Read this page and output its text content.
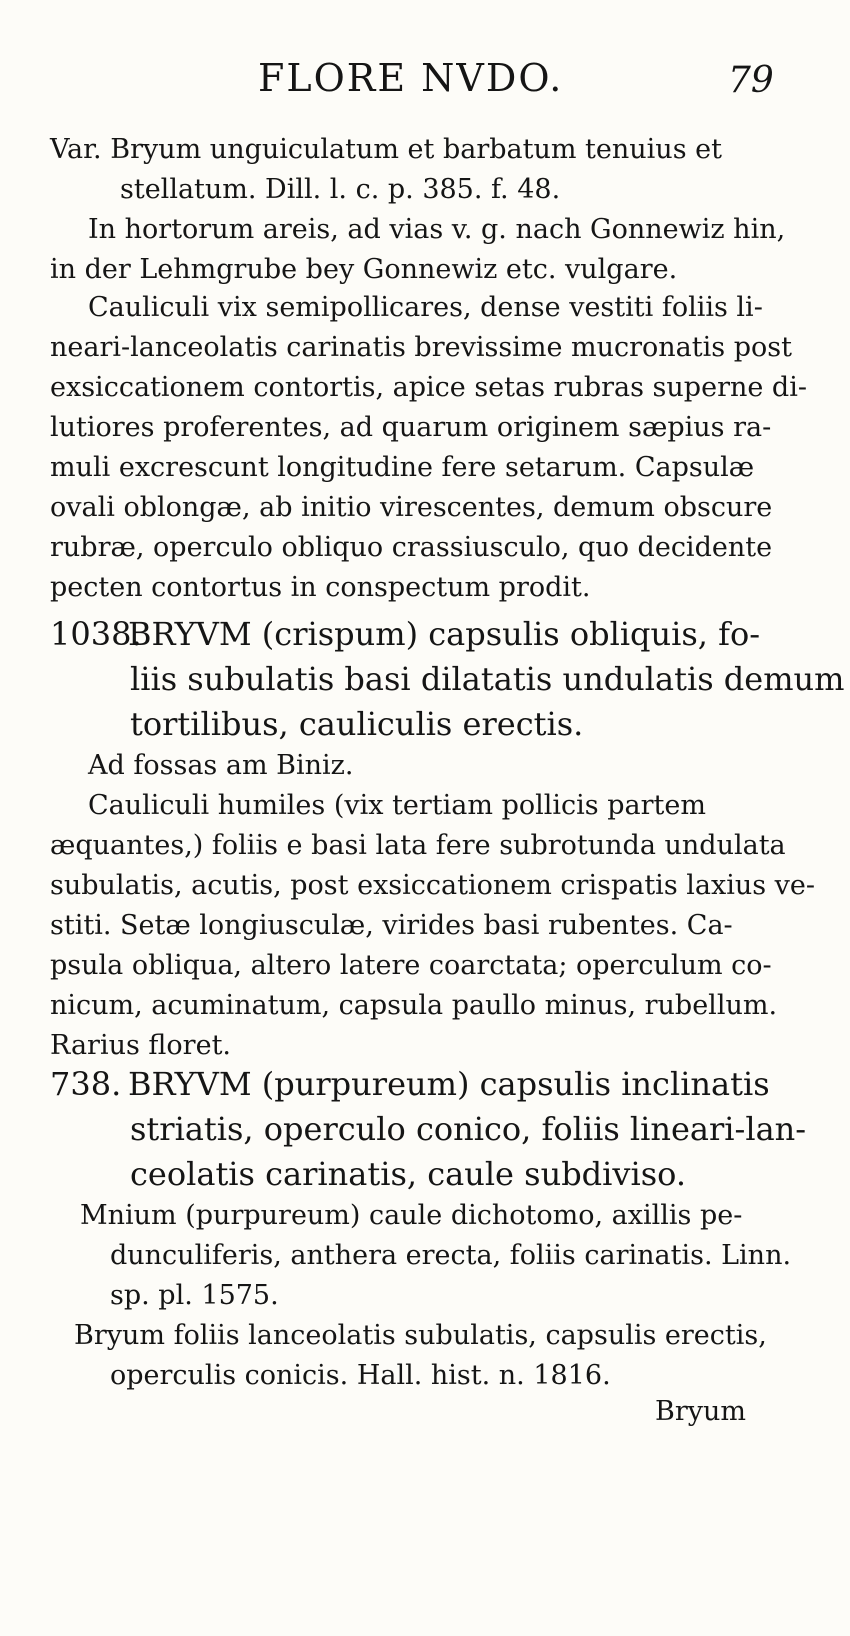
FLORE NVDO.	79
Var. Bryum unguiculatum et barbatum tenuius et
stellatum. Dill. l. c. p. 385. f. 48.
In hortorum areis, ad vias v. g. nach Gonnewiz hin,
in der Lehmgrube bey Gonnewiz etc. vulgare.
Cauliculi vix semipollicares, dense vestiti foliis li-
neari-lanceolatis carinatis brevissime mucronatis post
exsiccationem contortis, apice setas rubras superne di-
lutiores proferentes, ad quarum originem sæpius ra-
muli excrescunt longitudine fere setarum. Capsulæ
ovali oblongæ, ab initio virescentes, demum obscure
rubræ, operculo obliquo crassiusculo, quo decidente
pecten contortus in conspectum prodit.
1038.BRYVM (crispum) capsulis obliquis, fo-
liis subulatis basi dilatatis undulatis demum
tortilibus, cauliculis erectis.
Ad fossas am Biniz.
Cauliculi humiles (vix tertiam pollicis partem
æquantes,) foliis e basi lata fere subrotunda undulata
subulatis, acutis, post exsiccationem crispatis laxius ve-
stiti. Setæ longiusculæ, virides basi rubentes. Ca-
psula obliqua, altero latere coarctata; operculum co-
nicum, acuminatum, capsula paullo minus, rubellum.
Rarius floret.
738. BRYVM (purpureum) capsulis inclinatis
striatis, operculo conico, foliis lineari-lan-
ceolatis carinatis, caule subdiviso.
Mnium (purpureum) caule dichotomo, axillis pe-
dunculiferis, anthera erecta, foliis carinatis. Linn.
sp. pl. 1575.
Bryum foliis lanceolatis subulatis, capsulis erectis,
operculis conicis. Hall. hist. n. 1816.
Bryum
